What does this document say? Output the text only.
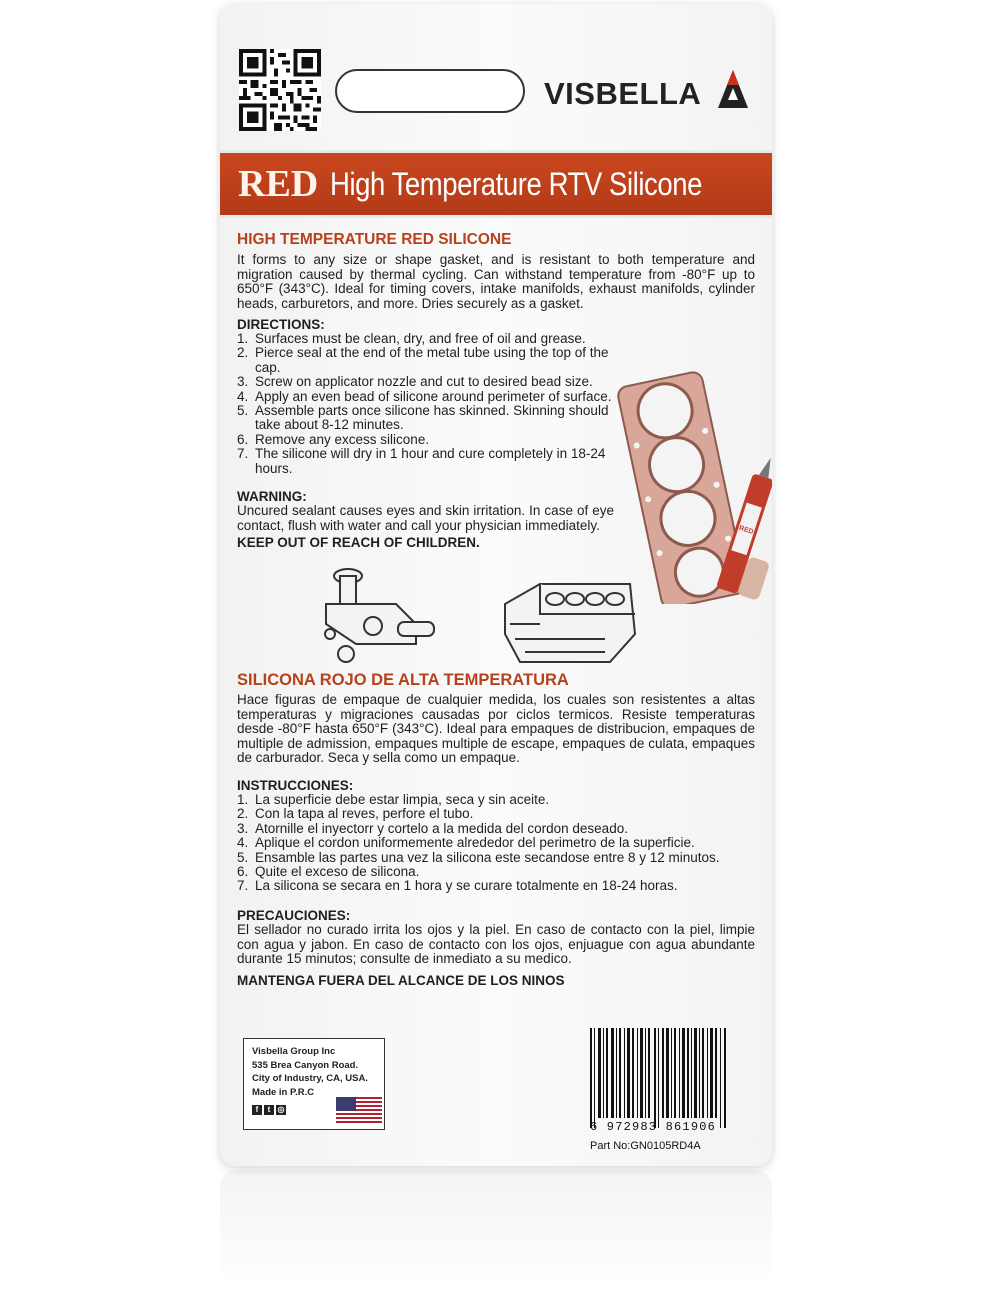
VISBELLA
RED High Temperature RTV Silicone

HIGH TEMPERATURE RED SILICONE

It forms to any size or shape gasket, and is resistant to both temperature and migration caused by thermal cycling. Can withstand temperature from -80°F up to 650°F (343°C). Ideal for timing covers, intake manifolds, exhaust manifolds, cylinder heads, carburetors, and more. Dries securely as a gasket.

DIRECTIONS:

1. Surfaces must be clean, dry, and free of oil and grease.
2. Pierce seal at the end of the metal tube using the top of the cap.
3. Screw on applicator nozzle and cut to desired bead size.
4. Apply an even bead of silicone around perimeter of surface.
5. Assemble parts once silicone has skinned. Skinning should take about 8-12 minutes.
6. Remove any excess silicone.
7. The silicone will dry in 1 hour and cure completely in 18-24 hours.

WARNING:

Uncured sealant causes eyes and skin irritation. In case of eye contact, flush with water and call your physician immediately.

KEEP OUT OF REACH OF CHILDREN.

RED

SILICONA ROJO DE ALTA TEMPERATURA

Hace figuras de empaque de cualquier medida, los cuales son resistentes a altas temperaturas y migraciones causadas por ciclos termicos. Resiste temperaturas desde -80°F hasta 650°F (343°C). Ideal para empaques de distribucion, empaques de multiple de admission, empaques multiple de escape, empaques de culata, empaques de carburador. Seca y sella como un empaque.

INSTRUCCIONES:

1. La superficie debe estar limpia, seca y sin aceite.
2. Con la tapa al reves, perfore el tubo.
3. Atornille el inyectorr y cortelo a la medida del cordon deseado.
4. Aplique el cordon uniformemente alrededor del perimetro de la superficie.
5. Ensamble las partes una vez la silicona este secandose entre 8 y 12 minutos.
6. Quite el exceso de silicona.
7. La silicona se secara en 1 hora y se curare totalmente en 18-24 horas.

PRECAUCIONES:

El sellador no curado irrita los ojos y la piel. En caso de contacto con la piel, limpie con agua y jabon. En caso de contacto con los ojos, enjuague con agua abundante durante 15 minutos; consulte de inmediato a su medico.

MANTENGA FUERA DEL ALCANCE DE LOS NINOS

Visbella Group Inc
535 Brea Canyon Road.
City of Industry, CA, USA.
Made in P.R.C
f	t ◎
6 972983 861906
Part No:GN0105RD4A
